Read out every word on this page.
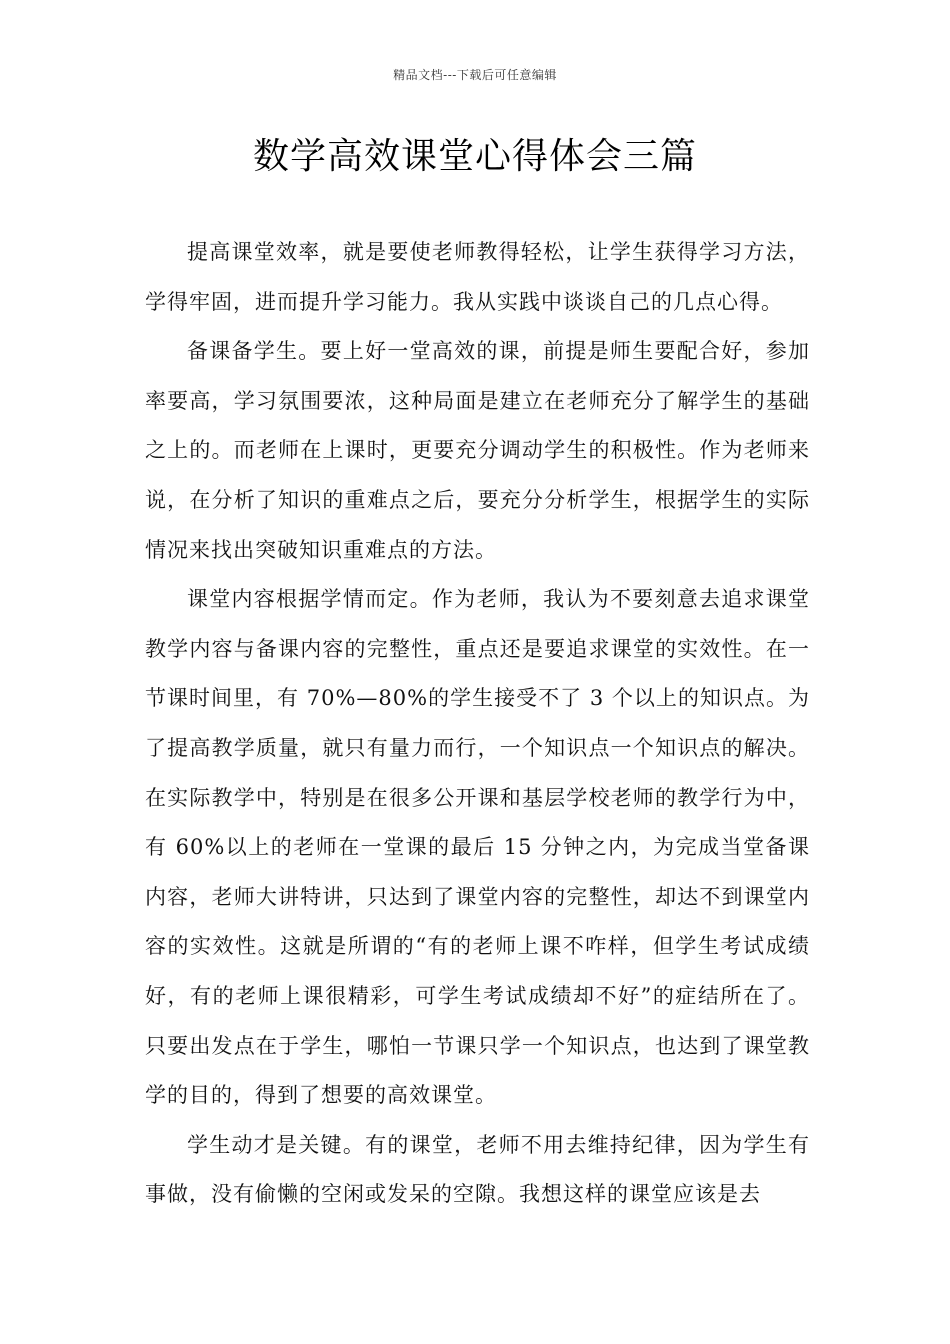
精品文档---下载后可任意编辑
数学高效课堂心得体会三篇

提高课堂效率，就是要使老师教得轻松，让学生获得学习方法，学得牢固，进而提升学习能力。我从实践中谈谈自己的几点心得。

备课备学生。要上好一堂高效的课，前提是师生要配合好，参加率要高，学习氛围要浓，这种局面是建立在老师充分了解学生的基础之上的。而老师在上课时，更要充分调动学生的积极性。作为老师来说，在分析了知识的重难点之后，要充分分析学生，根据学生的实际情况来找出突破知识重难点的方法。

课堂内容根据学情而定。作为老师，我认为不要刻意去追求课堂教学内容与备课内容的完整性，重点还是要追求课堂的实效性。在一节课时间里，有 70%—80%的学生接受不了 3 个以上的知识点。为了提高教学质量，就只有量力而行，一个知识点一个知识点的解决。在实际教学中，特别是在很多公开课和基层学校老师的教学行为中，有 60%以上的老师在一堂课的最后 15 分钟之内，为完成当堂备课内容，老师大讲特讲，只达到了课堂内容的完整性，却达不到课堂内容的实效性。这就是所谓的“有的老师上课不咋样，但学生考试成绩好，有的老师上课很精彩，可学生考试成绩却不好”的症结所在了。只要出发点在于学生，哪怕一节课只学一个知识点，也达到了课堂教学的目的，得到了想要的高效课堂。

学生动才是关键。有的课堂，老师不用去维持纪律，因为学生有事做，没有偷懒的空闲或发呆的空隙。我想这样的课堂应该是去
